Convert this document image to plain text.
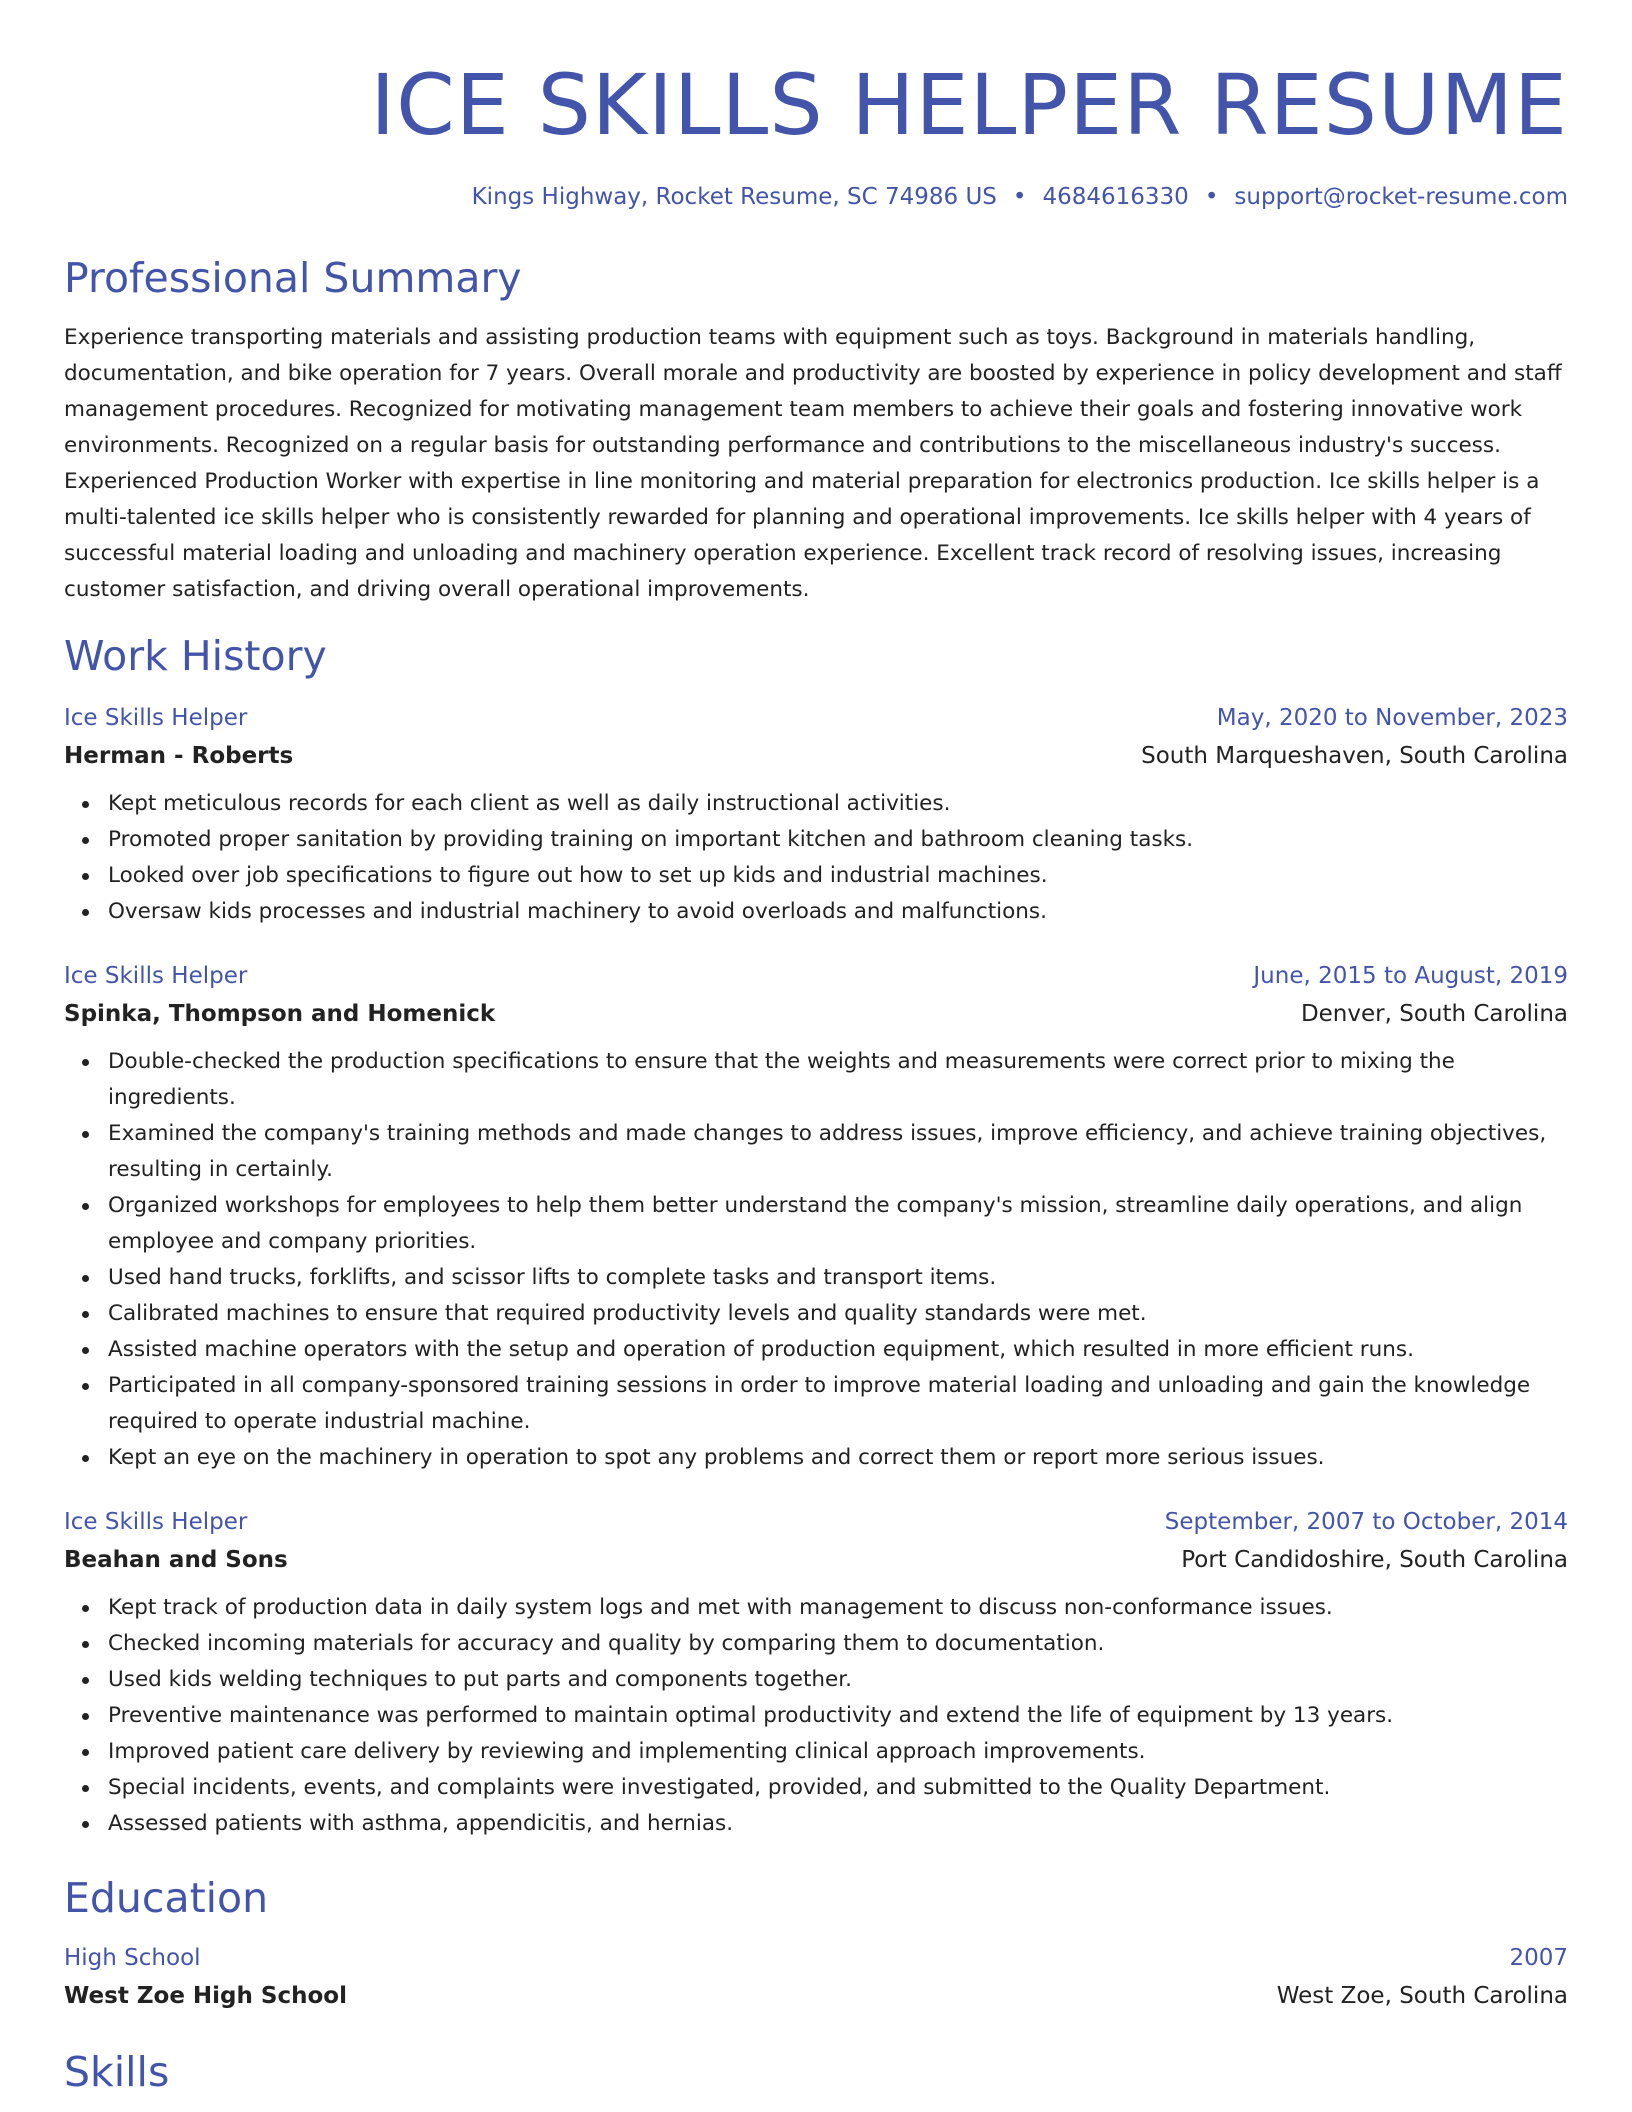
ICE SKILLS HELPER RESUME
Kings Highway, Rocket Resume, SC 74986 US • 4684616330 • support@rocket-resume.com
Professional Summary
Experience transporting materials and assisting production teams with equipment such as toys. Background in materials handling, documentation, and bike operation for 7 years. Overall morale and productivity are boosted by experience in policy development and staff management procedures. Recognized for motivating management team members to achieve their goals and fostering innovative work environments. Recognized on a regular basis for outstanding performance and contributions to the miscellaneous industry's success. Experienced Production Worker with expertise in line monitoring and material preparation for electronics production. Ice skills helper is a multi-talented ice skills helper who is consistently rewarded for planning and operational improvements. Ice skills helper with 4 years of successful material loading and unloading and machinery operation experience. Excellent track record of resolving issues, increasing customer satisfaction, and driving overall operational improvements.
Work History
Ice Skills Helper	May, 2020 to November, 2023
Herman - Roberts	South Marqueshaven, South Carolina
Kept meticulous records for each client as well as daily instructional activities.
Promoted proper sanitation by providing training on important kitchen and bathroom cleaning tasks.
Looked over job specifications to figure out how to set up kids and industrial machines.
Oversaw kids processes and industrial machinery to avoid overloads and malfunctions.
Ice Skills Helper	June, 2015 to August, 2019
Spinka, Thompson and Homenick	Denver, South Carolina
Double-checked the production specifications to ensure that the weights and measurements were correct prior to mixing the ingredients.
Examined the company's training methods and made changes to address issues, improve efficiency, and achieve training objectives, resulting in certainly.
Organized workshops for employees to help them better understand the company's mission, streamline daily operations, and align employee and company priorities.
Used hand trucks, forklifts, and scissor lifts to complete tasks and transport items.
Calibrated machines to ensure that required productivity levels and quality standards were met.
Assisted machine operators with the setup and operation of production equipment, which resulted in more efficient runs.
Participated in all company-sponsored training sessions in order to improve material loading and unloading and gain the knowledge required to operate industrial machine.
Kept an eye on the machinery in operation to spot any problems and correct them or report more serious issues.
Ice Skills Helper	September, 2007 to October, 2014
Beahan and Sons	Port Candidoshire, South Carolina
Kept track of production data in daily system logs and met with management to discuss non-conformance issues.
Checked incoming materials for accuracy and quality by comparing them to documentation.
Used kids welding techniques to put parts and components together.
Preventive maintenance was performed to maintain optimal productivity and extend the life of equipment by 13 years.
Improved patient care delivery by reviewing and implementing clinical approach improvements.
Special incidents, events, and complaints were investigated, provided, and submitted to the Quality Department.
Assessed patients with asthma, appendicitis, and hernias.
Education
High School	2007
West Zoe High School	West Zoe, South Carolina
Skills
